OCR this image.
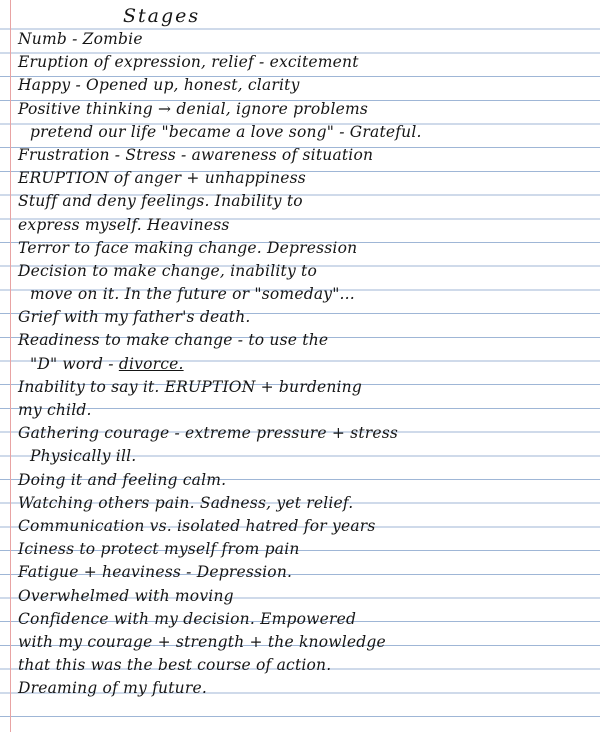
Stages
Numb - Zombie
Eruption of expression, relief - excitement
Happy - Opened up, honest, clarity
Positive thinking → denial, ignore problems
pretend our life "became a love song" - Grateful.
Frustration - Stress - awareness of situation
ERUPTION of anger + unhappiness
Stuff and deny feelings. Inability to
express myself. Heaviness
Terror to face making change. Depression
Decision to make change, inability to
move on it. In the future or "someday"...
Grief with my father's death.
Readiness to make change - to use the
"D" word - divorce.
Inability to say it. ERUPTION + burdening
my child.
Gathering courage - extreme pressure + stress
Physically ill.
Doing it and feeling calm.
Watching others pain. Sadness, yet relief.
Communication vs. isolated hatred for years
Iciness to protect myself from pain
Fatigue + heaviness - Depression.
Overwhelmed with moving
Confidence with my decision. Empowered
with my courage + strength + the knowledge
that this was the best course of action.
Dreaming of my future.
